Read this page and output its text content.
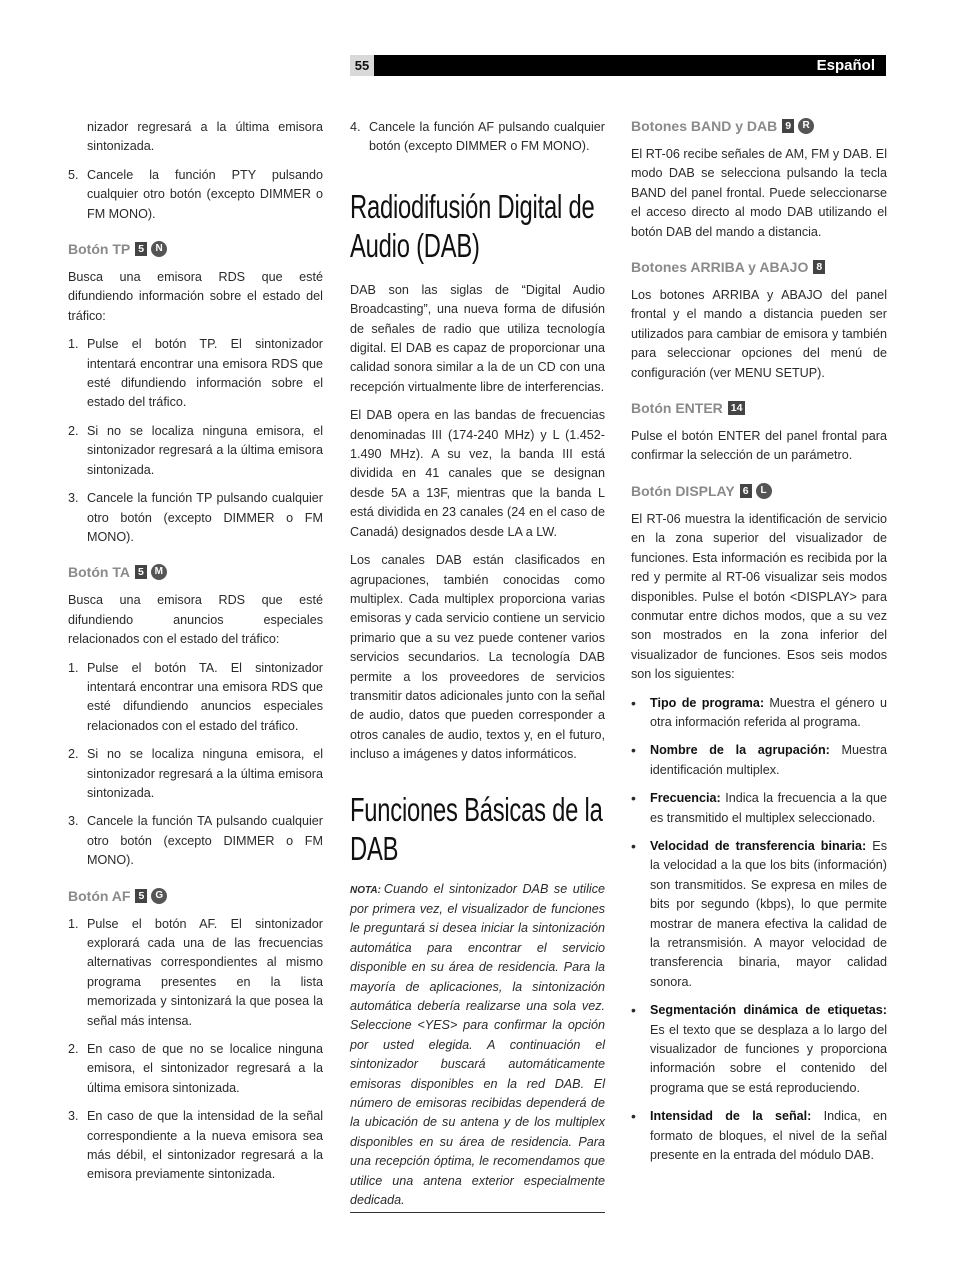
55	Español

nizador regresará a la última emisora sintonizada.

5. Cancele la función PTY pulsando cualquier otro botón (excepto DIMMER o FM MONO).
Botón TP 5	N

Busca una emisora RDS que esté difundiendo información sobre el estado del tráfico:

1. Pulse el botón TP. El sintonizador intentará encontrar una emisora RDS que esté difundiendo información sobre el estado del tráfico.
2. Si no se localiza ninguna emisora, el sintonizador regresará a la última emisora sintonizada.
3. Cancele la función TP pulsando cualquier otro botón (excepto DIMMER o FM MONO).
Botón TA 5	M

Busca una emisora RDS que esté difundiendo anuncios especiales relacionados con el estado del tráfico:

1. Pulse el botón TA. El sintonizador intentará encontrar una emisora RDS que esté difundiendo anuncios especiales relacionados con el estado del tráfico.
2. Si no se localiza ninguna emisora, el sintonizador regresará a la última emisora sintonizada.
3. Cancele la función TA pulsando cualquier otro botón (excepto DIMMER o FM MONO).
Botón AF 5	G
1. Pulse el botón AF. El sintonizador explorará cada una de las frecuencias alternativas correspondientes al mismo programa presentes en la lista memorizada y sintonizará la que posea la señal más intensa.
2. En caso de que no se localice ninguna emisora, el sintonizador regresará a la última emisora sintonizada.
3. En caso de que la intensidad de la señal correspondiente a la nueva emisora sea más débil, el sintonizador regresará a la emisora previamente sintonizada.
4. Cancele la función AF pulsando cualquier botón (excepto DIMMER o FM MONO).
Radiodifusión Digital de Audio (DAB)

DAB son las siglas de “Digital Audio Broadcasting”, una nueva forma de difusión de señales de radio que utiliza tecnología digital. El DAB es capaz de proporcionar una calidad sonora similar a la de un CD con una recepción virtualmente libre de interferencias.

El DAB opera en las bandas de frecuencias denominadas III (174-240 MHz) y L (1.452-1.490 MHz). A su vez, la banda III está dividida en 41 canales que se designan desde 5A a 13F, mientras que la banda L está dividida en 23 canales (24 en el caso de Canadá) designados desde LA a LW.

Los canales DAB están clasificados en agrupaciones, también conocidas como multiplex. Cada multiplex proporciona varias emisoras y cada servicio contiene un servicio primario que a su vez puede contener varios servicios secundarios. La tecnología DAB permite a los proveedores de servicios transmitir datos adicionales junto con la señal de audio, datos que pueden corresponder a otros canales de audio, textos y, en el futuro, incluso a imágenes y datos informáticos.

Funciones Básicas de la DAB
NOTA: Cuando el sintonizador DAB se utilice por primera vez, el visualizador de funciones le preguntará si desea iniciar la sintonización automática para encontrar el servicio disponible en su área de residencia. Para la mayoría de aplicaciones, la sintonización automática debería realizarse una sola vez. Seleccione <YES> para confirmar la opción por usted elegida. A continuación el sintonizador buscará automáticamente emisoras disponibles en la red DAB. El número de emisoras recibidas dependerá de la ubicación de su antena y de los multiplex disponibles en su área de residencia. Para una recepción óptima, le recomendamos que utilice una antena exterior especialmente dedicada.
Botones BAND y DAB 9	R

El RT-06 recibe señales de AM, FM y DAB. El modo DAB se selecciona pulsando la tecla BAND del panel frontal. Puede seleccionarse el acceso directo al modo DAB utilizando el botón DAB del mando a distancia.

Botones ARRIBA y ABAJO 8

Los botones ARRIBA y ABAJO del panel frontal y el mando a distancia pueden ser utilizados para cambiar de emisora y también para seleccionar opciones del menú de configuración (ver MENU SETUP).

Botón ENTER 14

Pulse el botón ENTER del panel frontal para confirmar la selección de un parámetro.

Botón DISPLAY 6	L

El RT-06 muestra la identificación de servicio en la zona superior del visualizador de funciones. Esta información es recibida por la red y permite al RT-06 visualizar seis modos disponibles. Pulse el botón <DISPLAY> para conmutar entre dichos modos, que a su vez son mostrados en la zona inferior del visualizador de funciones. Esos seis modos son los siguientes:

•	Tipo de programa: Muestra el género u otra información referida al programa.
•	Nombre de la agrupación: Muestra identificación multiplex.
•	Frecuencia: Indica la frecuencia a la que es transmitido el multiplex seleccionado.
•	Velocidad de transferencia binaria: Es la velocidad a la que los bits (información) son transmitidos. Se expresa en miles de bits por segundo (kbps), lo que permite mostrar de manera efectiva la calidad de la retransmisión. A mayor velocidad de transferencia binaria, mayor calidad sonora.
•	Segmentación dinámica de etiquetas: Es el texto que se desplaza a lo largo del visualizador de funciones y proporciona información sobre el contenido del programa que se está reproduciendo.
•	Intensidad de la señal: Indica, en formato de bloques, el nivel de la señal presente en la entrada del módulo DAB.
